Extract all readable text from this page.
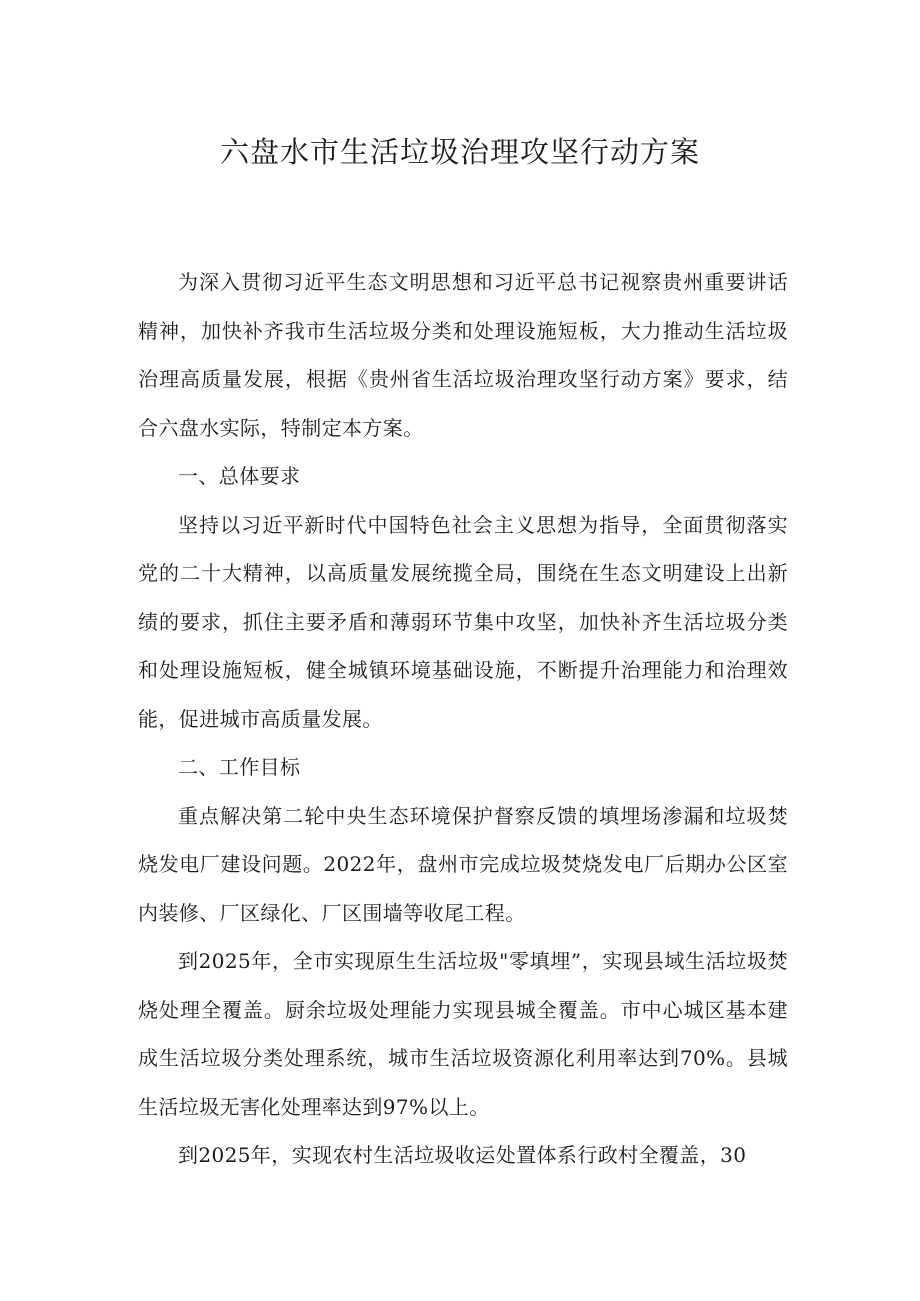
六盘水市生活垃圾治理攻坚行动方案

为深入贯彻习近平生态文明思想和习近平总书记视察贵州重要讲话精神，加快补齐我市生活垃圾分类和处理设施短板，大力推动生活垃圾治理高质量发展，根据《贵州省生活垃圾治理攻坚行动方案》要求，结合六盘水实际，特制定本方案。

一、总体要求

坚持以习近平新时代中国特色社会主义思想为指导，全面贯彻落实党的二十大精神，以高质量发展统揽全局，围绕在生态文明建设上出新绩的要求，抓住主要矛盾和薄弱环节集中攻坚，加快补齐生活垃圾分类和处理设施短板，健全城镇环境基础设施，不断提升治理能力和治理效能，促进城市高质量发展。

二、工作目标

重点解决第二轮中央生态环境保护督察反馈的填埋场渗漏和垃圾焚烧发电厂建设问题。2022年，盘州市完成垃圾焚烧发电厂后期办公区室内装修、厂区绿化、厂区围墙等收尾工程。

到2025年，全市实现原生生活垃圾"零填埋”，实现县域生活垃圾焚烧处理全覆盖。厨余垃圾处理能力实现县城全覆盖。市中心城区基本建成生活垃圾分类处理系统，城市生活垃圾资源化利用率达到70%。县城生活垃圾无害化处理率达到97%以上。

到2025年，实现农村生活垃圾收运处置体系行政村全覆盖，30
